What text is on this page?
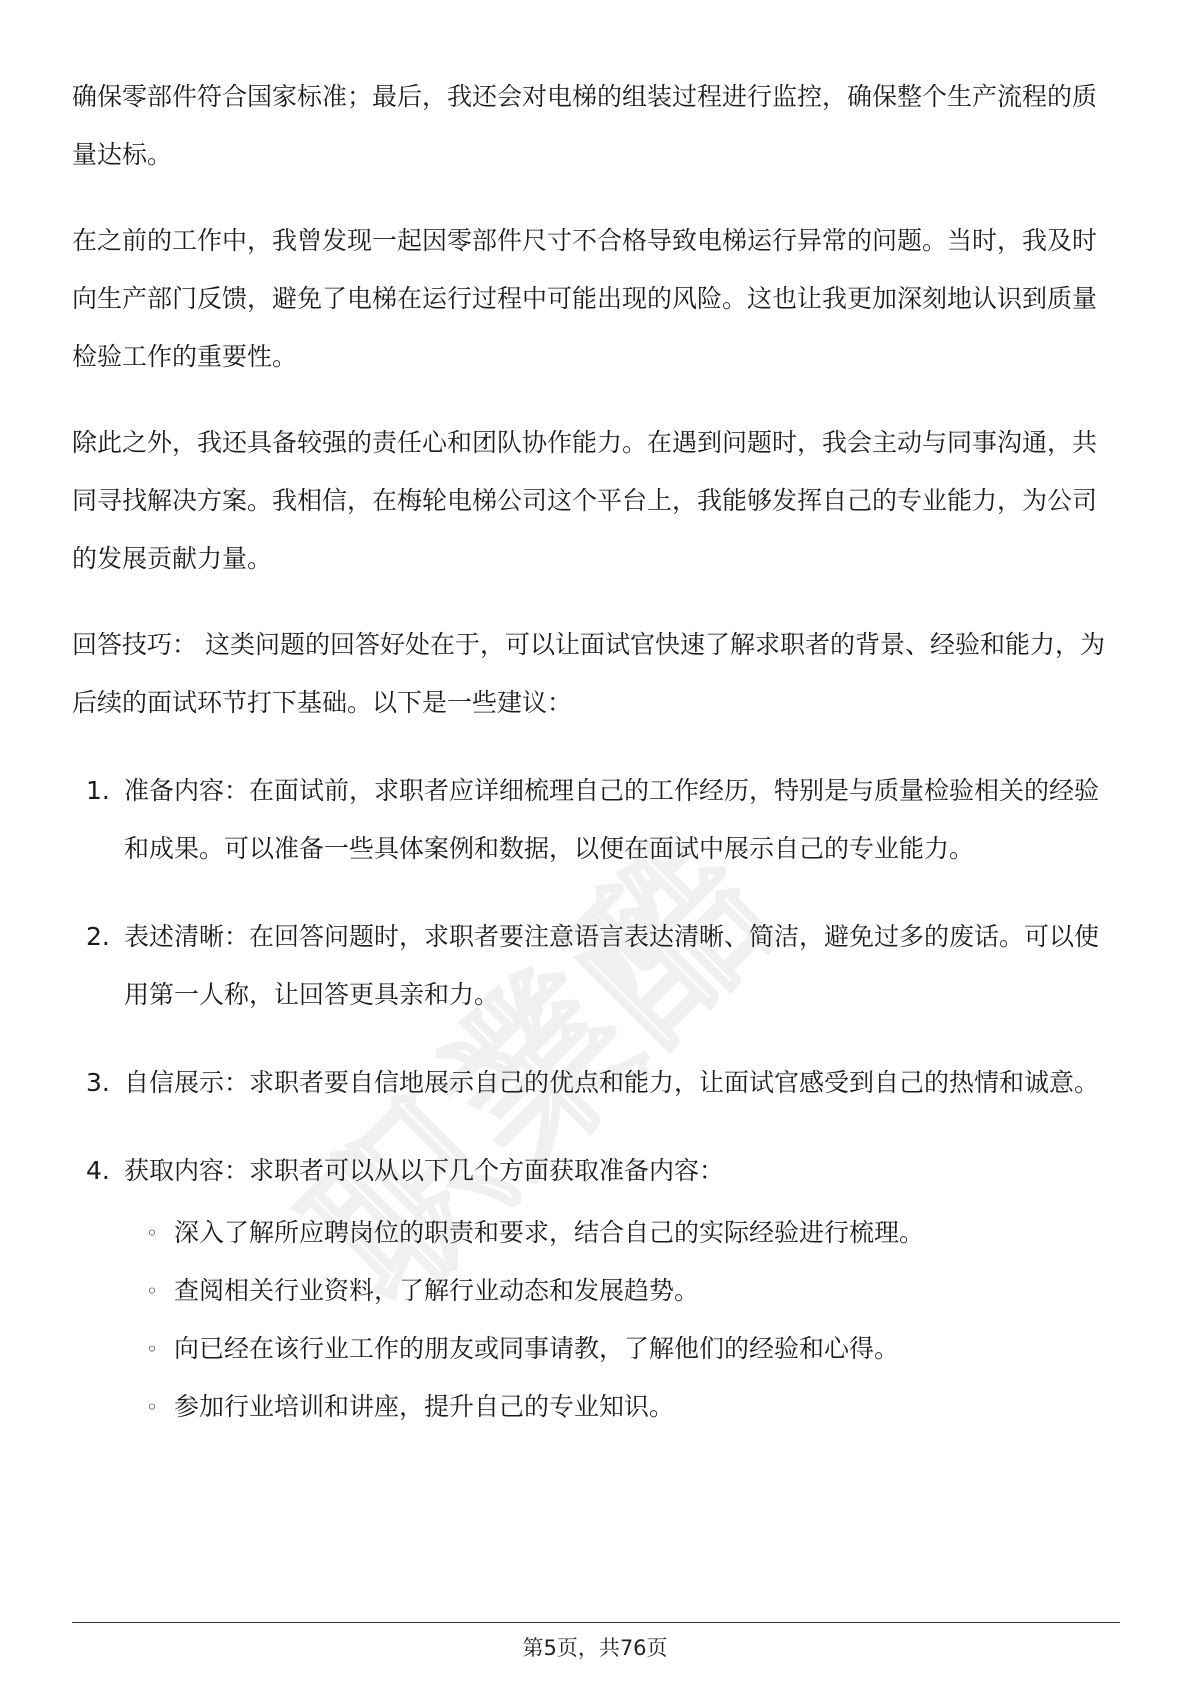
确保零部件符合国家标准；最后，我还会对电梯的组装过程进行监控，确保整个生产流程的质量达标。

在之前的工作中，我曾发现一起因零部件尺寸不合格导致电梯运行异常的问题。当时，我及时向生产部门反馈，避免了电梯在运行过程中可能出现的风险。这也让我更加深刻地认识到质量检验工作的重要性。

除此之外，我还具备较强的责任心和团队协作能力。在遇到问题时，我会主动与同事沟通，共同寻找解决方案。我相信，在梅轮电梯公司这个平台上，我能够发挥自己的专业能力，为公司的发展贡献力量。

回答技巧： 这类问题的回答好处在于，可以让面试官快速了解求职者的背景、经验和能力，为后续的面试环节打下基础。以下是一些建议：

1. 准备内容：在面试前，求职者应详细梳理自己的工作经历，特别是与质量检验相关的经验和成果。可以准备一些具体案例和数据，以便在面试中展示自己的专业能力。
2. 表述清晰：在回答问题时，求职者要注意语言表达清晰、简洁，避免过多的废话。可以使用第一人称，让回答更具亲和力。
3. 自信展示：求职者要自信地展示自己的优点和能力，让面试官感受到自己的热情和诚意。
4. 获取内容：求职者可以从以下几个方面获取准备内容：
◦ 深入了解所应聘岗位的职责和要求，结合自己的实际经验进行梳理。
◦ 查阅相关行业资料，了解行业动态和发展趋势。
◦ 向已经在该行业工作的朋友或同事请教，了解他们的经验和心得。
◦ 参加行业培训和讲座，提升自己的专业知识。
第5页，共76页
